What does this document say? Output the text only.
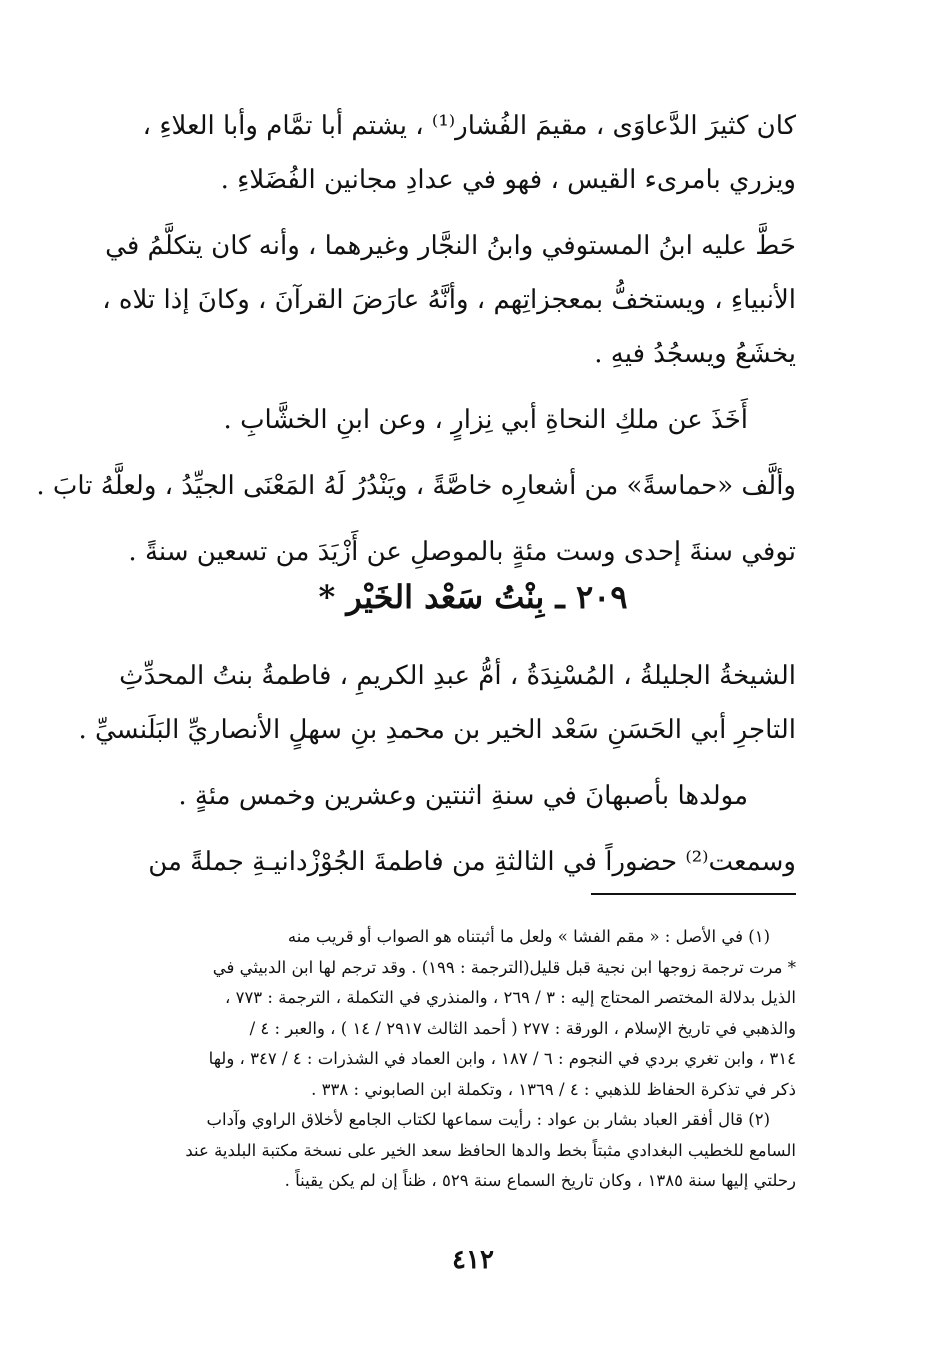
كان كثيرَ الدَّعاوَى ، مقيمَ الفُشار⁽¹⁾ ، يشتم أبا تمَّام وأبا العلاءِ ،
ويزري بامرىء القيس ، فهو في عدادِ مجانين الفُضَلاءِ .
حَطَّ عليه ابنُ المستوفي وابنُ النجَّار وغيرهما ، وأنه كان يتكلَّمُ في
الأنبياءِ ، ويستخفُّ بمعجزاتِهم ، وأنَّهُ عارَضَ القرآنَ ، وكانَ إذا تلاه ،
يخشَعُ ويسجُدُ فيهِ .
أَخَذَ عن ملكِ النحاةِ أبي نِزارٍ ، وعن ابنِ الخشَّابِ .
وألَّف «حماسةً» من أشعارِه خاصَّةً ، ويَنْدُرُ لَهُ المَعْنَى الجيِّدُ ، ولعلَّهُ تابَ .
توفي سنةَ إحدى وست مئةٍ بالموصلِ عن أَزْيَدَ من تسعين سنةً .
٢٠٩ ـ بِنْتُ سَعْد الخَيْر *
الشيخةُ الجليلةُ ، المُسْنِدَةُ ، أمُّ عبدِ الكريمِ ، فاطمةُ بنتُ المحدِّثِ
التاجرِ أبي الحَسَنِ سَعْد الخير بن محمدِ بنِ سهلٍ الأنصاريِّ البَلَنسيِّ .
مولدها بأصبهانَ في سنةِ اثنتين وعشرين وخمس مئةٍ .
وسمعت⁽²⁾ حضوراً في الثالثةِ من فاطمةَ الجُوْزْدانيـةِ جملةً من
(١) في الأصل : « مقم الفشا » ولعل ما أثبتناه هو الصواب أو قريب منه
* مرت ترجمة زوجها ابن نجية قبل قليل(الترجمة : ١٩٩) . وقد ترجم لها ابن الدبيثي في
الذيل بدلالة المختصر المحتاج إليه : ٣ / ٢٦٩ ، والمنذري في التكملة ، الترجمة : ٧٧٣ ،
والذهبي في تاريخ الإسلام ، الورقة : ٢٧٧ ( أحمد الثالث ٢٩١٧ / ١٤ ) ، والعبر : ٤ /
٣١٤ ، وابن تغري بردي في النجوم : ٦ / ١٨٧ ، وابن العماد في الشذرات : ٤ / ٣٤٧ ، ولها
ذكر في تذكرة الحفاظ للذهبي : ٤ / ١٣٦٩ ، وتكملة ابن الصابوني : ٣٣٨ .
(٢) قال أفقر العباد بشار بن عواد : رأيت سماعها لكتاب الجامع لأخلاق الراوي وآداب
السامع للخطيب البغدادي مثبتاً بخط والدها الحافظ سعد الخير على نسخة مكتبة البلدية عند
رحلتي إليها سنة ١٣٨٥ ، وكان تاريخ السماع سنة ٥٢٩ ، ظناً إن لم يكن يقيناً .
٤١٢
